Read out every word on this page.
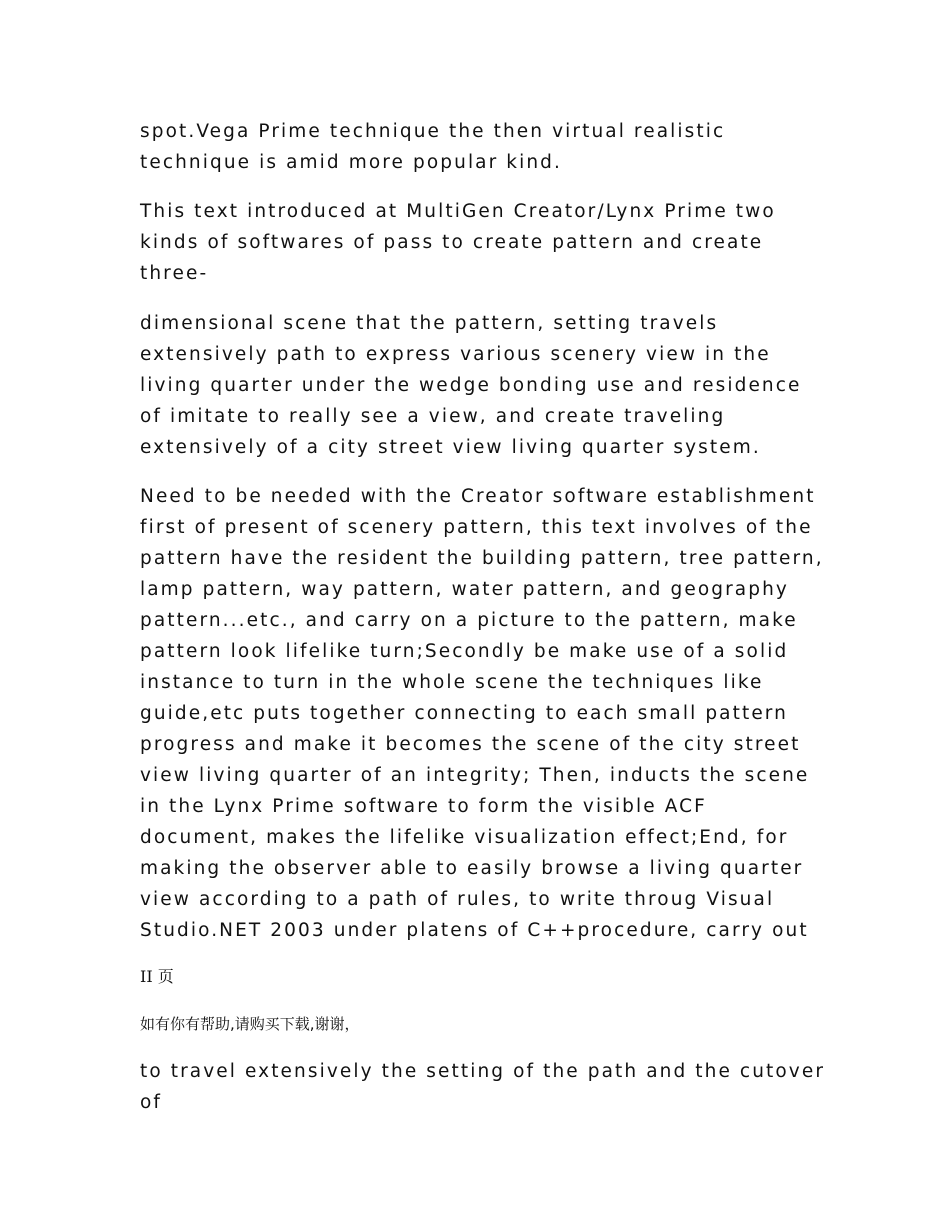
spot.Vega Prime technique the then virtual realistic
technique is amid more popular kind.

This text introduced at MultiGen Creator/Lynx Prime two
kinds of softwares of pass to create pattern and create
three-

dimensional scene that the pattern, setting travels
extensively path to express various scenery view in the
living quarter under the wedge bonding use and residence
of imitate to really see a view, and create traveling
extensively of a city street view living quarter system.

Need to be needed with the Creator software establishment
first of present of scenery pattern, this text involves of the
pattern have the resident the building pattern, tree pattern,
lamp pattern, way pattern, water pattern, and geography
pattern...etc., and carry on a picture to the pattern, make
pattern look lifelike turn;Secondly be make use of a solid
instance to turn in the whole scene the techniques like
guide,etc puts together connecting to each small pattern
progress and make it becomes the scene of the city street
view living quarter of an integrity; Then, inducts the scene
in the Lynx Prime software to form the visible ACF
document, makes the lifelike visualization effect;End, for
making the observer able to easily browse a living quarter
view according to a path of rules, to write throug Visual
Studio.NET 2003 under platens of C++procedure, carry out

II 页
如有你有帮助,请购买下载,谢谢，

to travel extensively the setting of the path and the cutover
of
